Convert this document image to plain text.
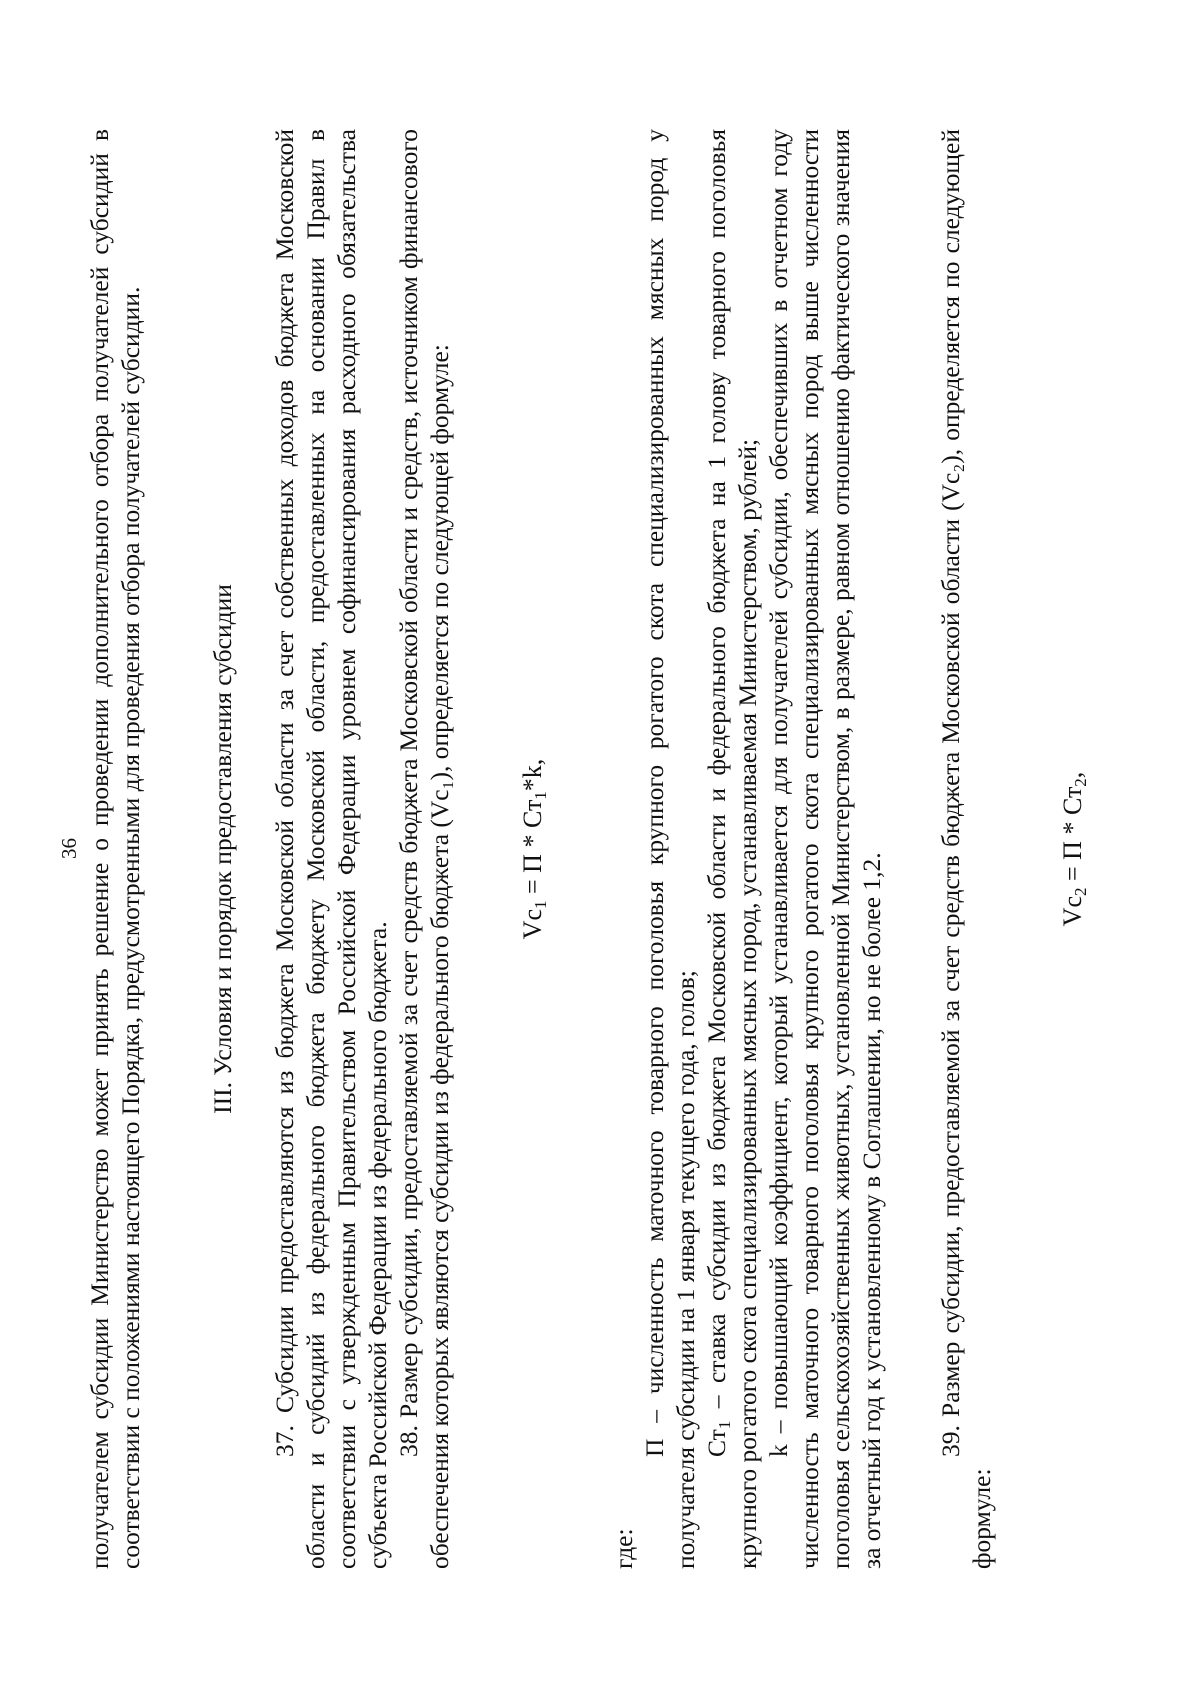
36 получателем субсидии Министерство может принять решение о проведении дополнительного отбора получателей субсидий в соответствии с положениями настоящего Порядка, предусмотренными для проведения отбора получателей субсидии. III. Условия и порядок предоставления субсидии 37. Субсидии предоставляются из бюджета Московской области за счет собственных доходов бюджета Московской области и субсидий из федерального бюджета бюджету Московской области, предоставленных на основании Правил в соответствии с утвержденным Правительством Российской Федерации уровнем софинансирования расходного обязательства субъекта Российской Федерации из федерального бюджета. 38. Размер субсидии, предоставляемой за счет средств бюджета Московской области и средств, источником финансового обеспечения которых являются субсидии из федерального бюджета (Vс₁), определяется по следующей формуле: $Vс_1 = П * Ст_1*k$,

где:

П – численность маточного товарного поголовья крупного рогатого скота специализированных мясных пород у получателя субсидии на 1 января текущего года, голов; $Ст_1$ – ставка субсидии из бюджета Московской области и федерального бюджета на 1 голову товарного поголовья крупного рогатого скота специализированных мясных пород, устанавливаемая Министерством, рублей; k – повышающий коэффициент, который устанавливается для получателей субсидии, обеспечивших в отчетном году численность маточного товарного поголовья крупного рогатого скота специализированных мясных пород выше численности поголовья сельскохозяйственных животных, установленной Министерством, в размере, равном отношению фактического значения за отчетный год к установленному в Соглашении, но не более 1,2. 39. Размер субсидии, предоставляемой за счет средств бюджета Московской области (Vс₂), определяется по следующей формуле:

$Vс_2 = П * Ст_2$,
